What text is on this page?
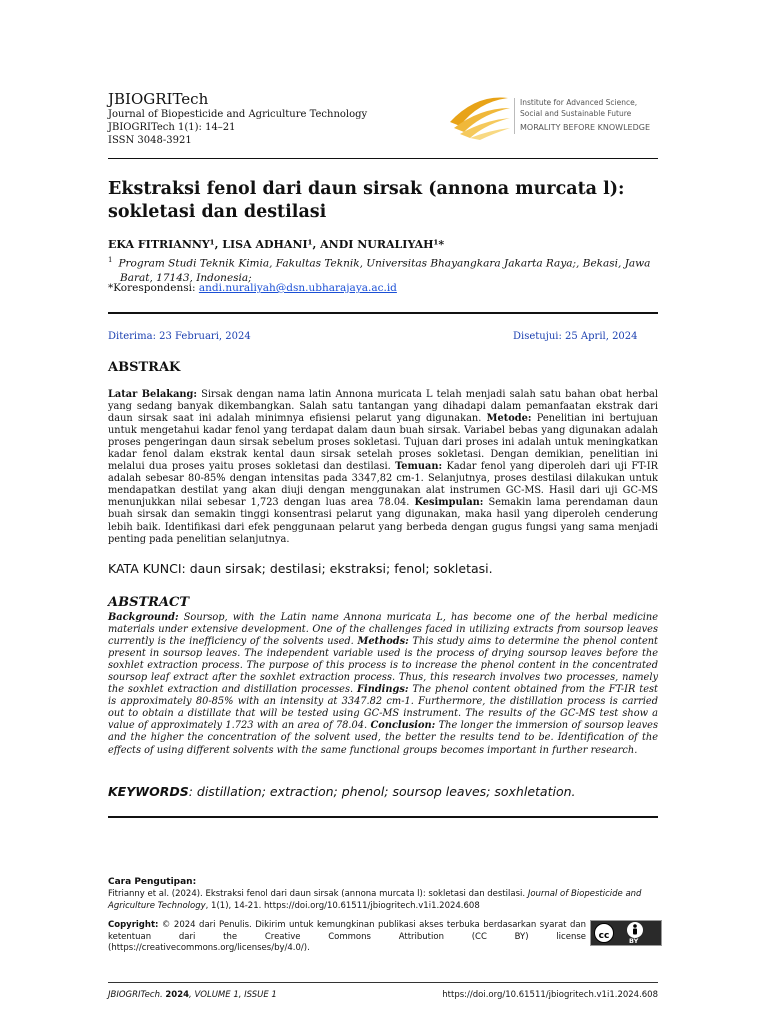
JBIOGRITech
Journal of Biopesticide and Agriculture Technology
JBIOGRITech 1(1): 14–21
ISSN 3048-3921
Institute for Advanced Science,
Social and Sustainable Future
MORALITY BEFORE KNOWLEDGE
Ekstraksi fenol dari daun sirsak (annona murcata l):
sokletasi dan destilasi
EKA FITRIANNY¹, LISA ADHANI¹, ANDI NURALIYAH¹*
$^1$ Program Studi Teknik Kimia, Fakultas Teknik, Universitas Bhayangkara Jakarta Raya;, Bekasi, Jawa
Barat, 17143, Indonesia;
*Korespondensi: andi.nuraliyah@dsn.ubharajaya.ac.id
Diterima: 23 Februari, 2024	Disetujui: 25 April, 2024
ABSTRAK
Latar Belakang: Sirsak dengan nama latin Annona muricata L telah menjadi salah satu bahan obat herbal yang sedang banyak dikembangkan. Salah satu tantangan yang dihadapi dalam pemanfaatan ekstrak dari daun sirsak saat ini adalah minimnya efisiensi pelarut yang digunakan. Metode: Penelitian ini bertujuan untuk mengetahui kadar fenol yang terdapat dalam daun buah sirsak. Variabel bebas yang digunakan adalah proses pengeringan daun sirsak sebelum proses sokletasi. Tujuan dari proses ini adalah untuk meningkatkan kadar fenol dalam ekstrak kental daun sirsak setelah proses sokletasi. Dengan demikian, penelitian ini melalui dua proses yaitu proses sokletasi dan destilasi. Temuan: Kadar fenol yang diperoleh dari uji FT-IR adalah sebesar 80-85% dengan intensitas pada 3347,82 cm-1. Selanjutnya, proses destilasi dilakukan untuk mendapatkan destilat yang akan diuji dengan menggunakan alat instrumen GC-MS. Hasil dari uji GC-MS menunjukkan nilai sebesar 1,723 dengan luas area 78.04. Kesimpulan: Semakin lama perendaman daun buah sirsak dan semakin tinggi konsentrasi pelarut yang digunakan, maka hasil yang diperoleh cenderung lebih baik. Identifikasi dari efek penggunaan pelarut yang berbeda dengan gugus fungsi yang sama menjadi penting pada penelitian selanjutnya.
KATA KUNCI: daun sirsak; destilasi; ekstraksi; fenol; sokletasi.
ABSTRACT
Background: Soursop, with the Latin name Annona muricata L, has become one of the herbal medicine materials under extensive development. One of the challenges faced in utilizing extracts from soursop leaves currently is the inefficiency of the solvents used. Methods: This study aims to determine the phenol content present in soursop leaves. The independent variable used is the process of drying soursop leaves before the soxhlet extraction process. The purpose of this process is to increase the phenol content in the concentrated soursop leaf extract after the soxhlet extraction process. Thus, this research involves two processes, namely the soxhlet extraction and distillation processes. Findings: The phenol content obtained from the FT-IR test is approximately 80-85% with an intensity at 3347.82 cm-1. Furthermore, the distillation process is carried out to obtain a distillate that will be tested using GC-MS instrument. The results of the GC-MS test show a value of approximately 1.723 with an area of 78.04. Conclusion: The longer the immersion of soursop leaves and the higher the concentration of the solvent used, the better the results tend to be. Identification of the effects of using different solvents with the same functional groups becomes important in further research.
KEYWORDS: distillation; extraction; phenol; soursop leaves; soxhletation.
Cara Pengutipan:
Fitrianny et al. (2024). Ekstraksi fenol dari daun sirsak (annona murcata l): sokletasi dan destilasi. Journal of Biopesticide and Agriculture Technology, 1(1), 14-21. https://doi.org/10.61511/jbiogritech.v1i1.2024.608
Copyright: © 2024 dari Penulis. Dikirim untuk kemungkinan publikasi akses terbuka berdasarkan syarat dan ketentuan dari the Creative Commons Attribution (CC BY) license (https://creativecommons.org/licenses/by/4.0/).
cc	BY
JBIOGRITech. 2024, VOLUME 1, ISSUE 1	https://doi.org/10.61511/jbiogritech.v1i1.2024.608
